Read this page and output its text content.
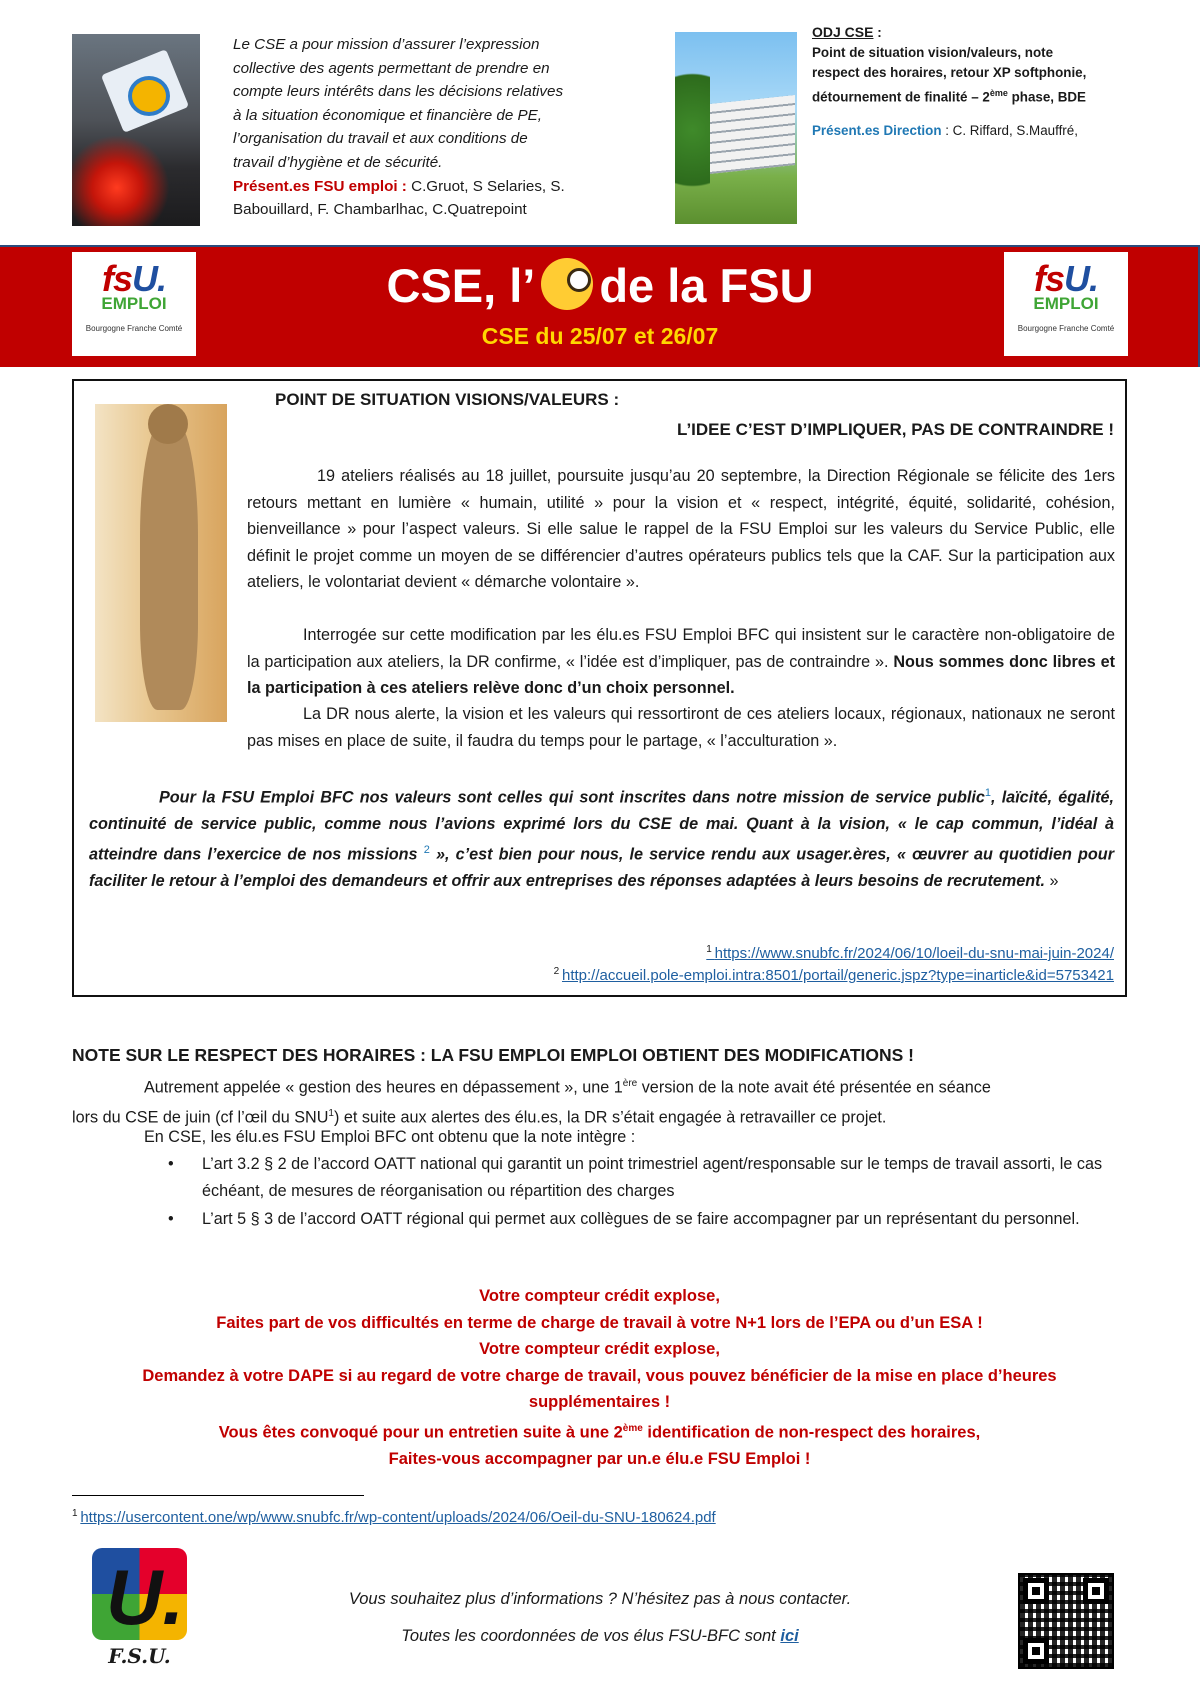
Le CSE a pour mission d’assurer l’expression
collective des agents permettant de prendre en
compte leurs intérêts dans les décisions relatives
à la situation économique et financière de PE,
l’organisation du travail et aux conditions de
travail d’hygiène et de sécurité.
Présent.es FSU emploi : C.Gruot, S Selaries, S.
Babouillard, F. Chambarlhac, C.Quatrepoint
ODJ CSE :
Point de situation vision/valeurs, note
respect des horaires, retour XP softphonie,
détournement de finalité – 2ème phase, BDE
Présent.es Direction : C. Riffard, S.Mauffré,
fsU.
EMPLOI
Bourgogne Franche Comté
fsU.
EMPLOI
Bourgogne Franche Comté
CSE, l’ de la FSU
CSE du 25/07 et 26/07
POINT DE SITUATION VISIONS/VALEURS :
L’IDEE C’EST D’IMPLIQUER, PAS DE CONTRAINDRE !
19 ateliers réalisés au 18 juillet, poursuite jusqu’au 20 septembre, la Direction Régionale se félicite des 1ers retours mettant en lumière « humain, utilité » pour la vision et « respect, intégrité, équité, solidarité, cohésion, bienveillance » pour l’aspect valeurs. Si elle salue le rappel de la FSU Emploi sur les valeurs du Service Public, elle définit le projet comme un moyen de se différencier d’autres opérateurs publics tels que la CAF. Sur la participation aux ateliers, le volontariat devient « démarche volontaire ».
Interrogée sur cette modification par les élu.es FSU Emploi BFC qui insistent sur le caractère non-obligatoire de la participation aux ateliers, la DR confirme, « l’idée est d’impliquer, pas de contraindre ». Nous sommes donc libres et la participation à ces ateliers relève donc d’un choix personnel.
La DR nous alerte, la vision et les valeurs qui ressortiront de ces ateliers locaux, régionaux, nationaux ne seront pas mises en place de suite, il faudra du temps pour le partage, « l’acculturation ».
Pour la FSU Emploi BFC nos valeurs sont celles qui sont inscrites dans notre mission de service public$^1$, laïcité, égalité, continuité de service public, comme nous l’avions exprimé lors du CSE de mai. Quant à la vision, « le cap commun, l’idéal à atteindre dans l’exercice de nos missions $^2$ », c’est bien pour nous, le service rendu aux usager.ères, « œuvrer au quotidien pour faciliter le retour à l’emploi des demandeurs et offrir aux entreprises des réponses adaptées à leurs besoins de recrutement. »
$^1$ https://www.snubfc.fr/2024/06/10/loeil-du-snu-mai-juin-2024/
$^2$ http://accueil.pole-emploi.intra:8501/portail/generic.jspz?type=inarticle&id=5753421
NOTE SUR LE RESPECT DES HORAIRES : LA FSU EMPLOI EMPLOI OBTIENT DES MODIFICATIONS !
Autrement appelée « gestion des heures en dépassement », une 1ère version de la note avait été présentée en séance
lors du CSE de juin (cf l’œil du SNU$^1$) et suite aux alertes des élu.es, la DR s’était engagée à retravailler ce projet.
En CSE, les élu.es FSU Emploi BFC ont obtenu que la note intègre :
• L’art 3.2 § 2 de l’accord OATT national qui garantit un point trimestriel agent/responsable sur le temps de travail assorti, le cas échéant, de mesures de réorganisation ou répartition des charges
• L’art 5 § 3 de l’accord OATT régional qui permet aux collègues de se faire accompagner par un représentant du personnel.
Votre compteur crédit explose,
Faites part de vos difficultés en terme de charge de travail à votre N+1 lors de l’EPA ou d’un ESA !
Votre compteur crédit explose,
Demandez à votre DAPE si au regard de votre charge de travail, vous pouvez bénéficier de la mise en place d’heures
supplémentaires !
Vous êtes convoqué pour un entretien suite à une 2ème identification de non-respect des horaires,
Faites-vous accompagner par un.e élu.e FSU Emploi !
$^1$ https://usercontent.one/wp/www.snubfc.fr/wp-content/uploads/2024/06/Oeil-du-SNU-180624.pdf
U.
F.S.U.
Vous souhaitez plus d’informations ? N’hésitez pas à nous contacter.
Toutes les coordonnées de vos élus FSU-BFC sont ici
